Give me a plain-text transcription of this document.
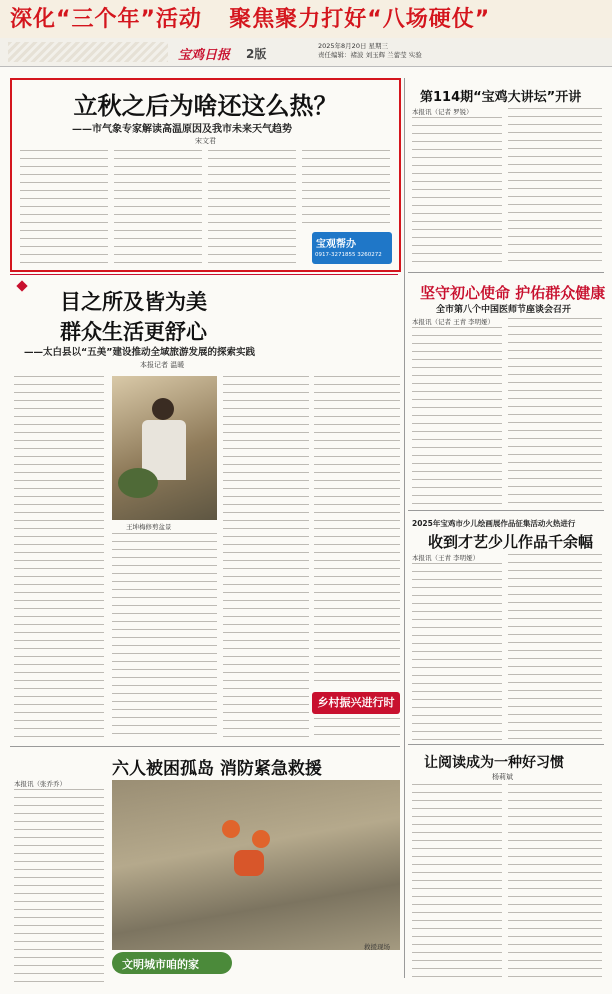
深化“三个年”活动 聚焦聚力打好“八场硬仗”
宝鸡日报 2版
2025年8月20日 星期三
责任编辑：褚波 刘玉辉 兰蕾莹 实验
立秋之后为啥还这么热？
——市气象专家解读高温原因及我市未来天气趋势
宋文君
宝观帮办
0917-3271855 3260272
第114期“宝鸡大讲坛”开讲
本报讯（记者 罗锐）
坚守初心使命 护佑群众健康
全市第八个中国医师节座谈会召开
本报讯（记者 王青 李明娅）
2025年宝鸡市少儿绘画展作品征集活动火热进行
收到才艺少儿作品千余幅
本报讯（王青 李明娅）
让阅读成为一种好习惯
杨莉斌
目之所及皆为美
群众生活更舒心
——太白县以“五美”建设推动全域旅游发展的探索实践
本报记者 温暖
王坤梅修剪盆景
乡村振兴进行时
六人被困孤岛 消防紧急救援
本报讯（张乔乔）
救援现场
文明城市咱的家
